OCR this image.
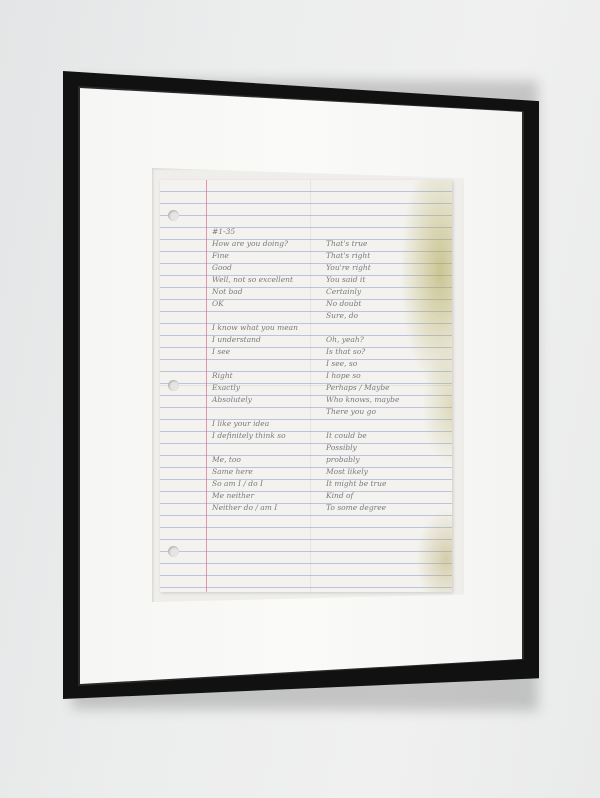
#1-35
How are you doing?
Fine
Good
Well, not so excellent
Not bad
OK
I know what you mean
I understand
I see
Right
Exactly
Absolutely
I like your idea
I definitely think so
Me, too
Same here
So am I / do I
Me neither
Neither do / am I
That's true
That's right
You're right
You said it
Certainly
No doubt
Sure, do
Oh, yeah?
Is that so?
I see, so
I hope so
Perhaps / Maybe
Who knows, maybe
There you go
It could be
Possibly
probably
Most likely
It might be true
Kind of
To some degree
